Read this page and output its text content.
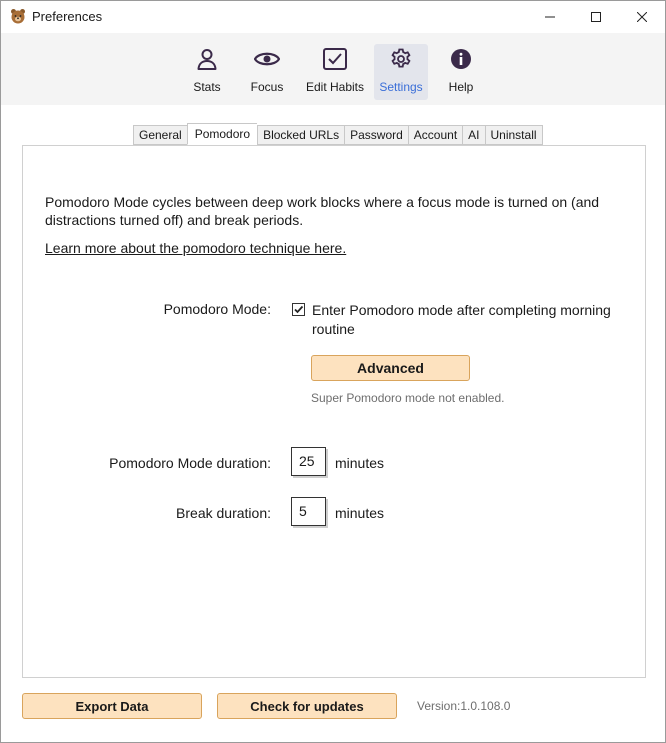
Preferences
Stats Focus Edit Habits Settings Help
General	Pomodoro	Blocked URLs Password Account AI Uninstall

Pomodoro Mode cycles between deep work blocks where a focus mode is turned on (and distractions turned off) and break periods.

Learn more about the pomodoro technique here.
Pomodoro Mode:	Enter Pomodoro mode after completing morning routine
Advanced
Super Pomodoro mode not enabled.
Pomodoro Mode duration:	25	minutes
Break duration:	5	minutes
Export Data	Check for updates	Version:1.0.108.0
